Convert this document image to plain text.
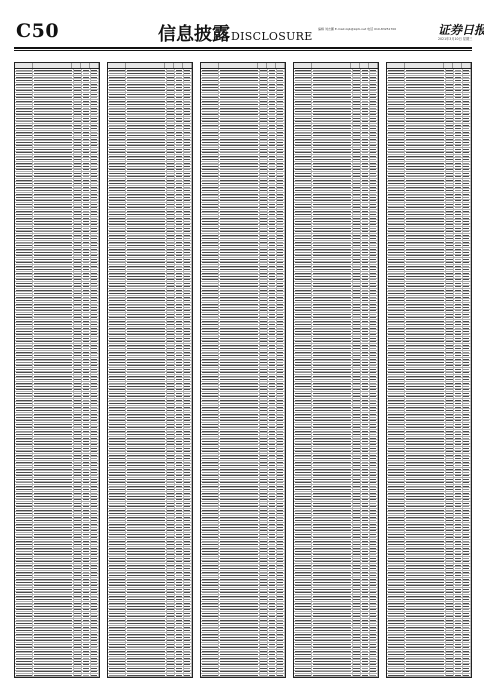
C50	信息披露DISCLOSURE
编辑 刘志鹏 E-mail:zqb@zqrb.net 电话 010-83251700	证券日报
2021年3月10日 星期三
